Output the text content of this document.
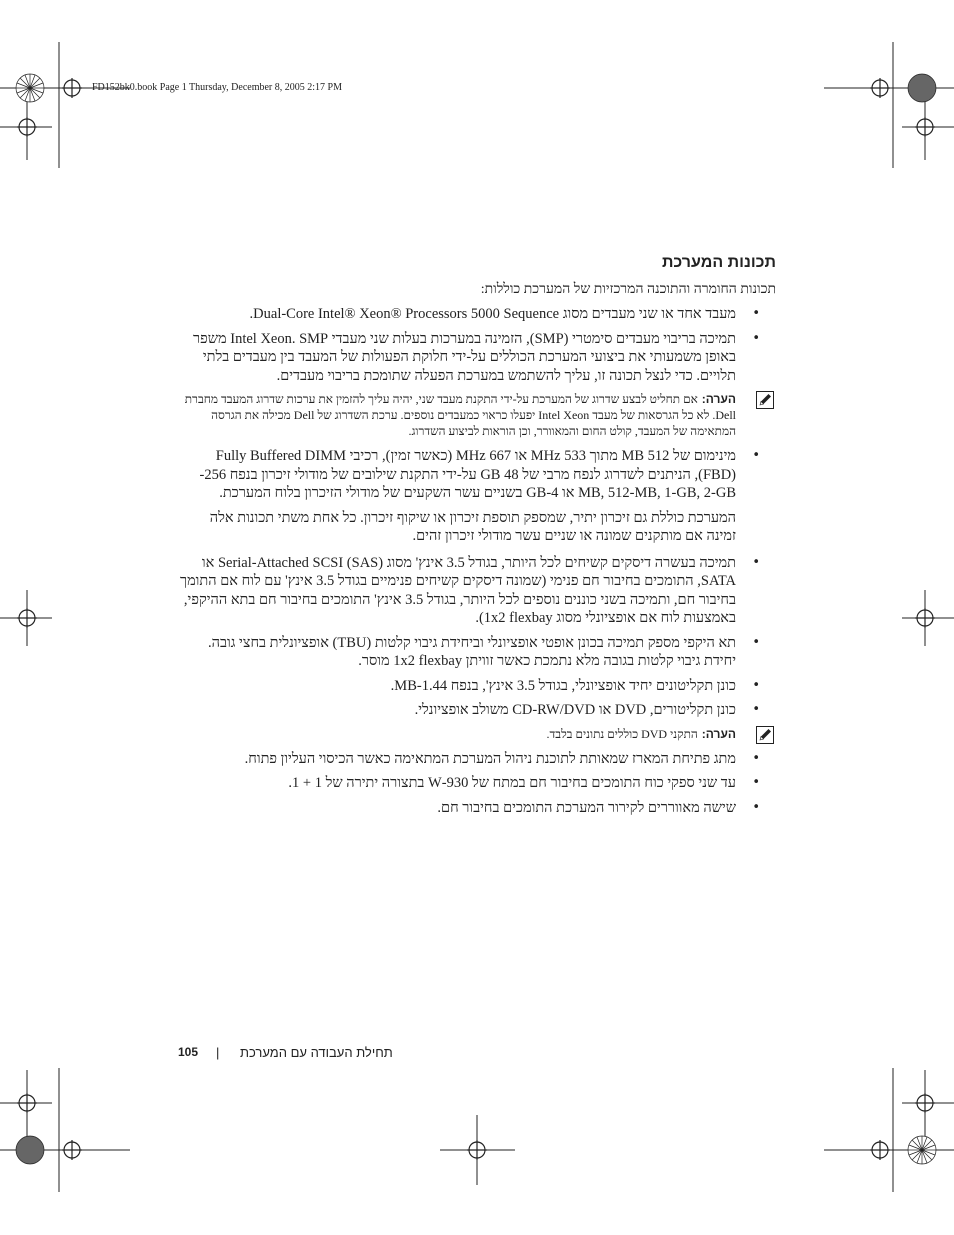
FD152bk0.book Page 1 Thursday, December 8, 2005 2:17 PM
תכונות המערכת

תכונות החומרה והתוכנה המרכזיות של המערכת כוללות:

• מעבד אחד או שני מעבדים מסוג Dual-Core Intel® Xeon® Processors 5000 Sequence.
• תמיכה בריבוי מעבדים סימטרי (SMP), הזמינה במערכות בעלות שני מעבדי Intel Xeon. SMP משפר באופן משמעותי את ביצועי המערכת הכוללים על-ידי חלוקת הפעולות של המעבד בין מעבדים בלתי תלויים. כדי לנצל תכונה זו, עליך להשתמש במערכת הפעלה שתומכת בריבוי מעבדים.
הערה:אם תחליט לבצע שדרוג של המערכת על-ידי התקנת מעבד שני, יהיה עליך להזמין את ערכות שדרוג המעבד מחברת Dell. לא כל הגרסאות של מעבד Intel Xeon יפעלו כראוי כמעבדים נוספים. ערכת השדרוג של Dell מכילה את הגרסה המתאימה של המעבד, קולט החום והמאוורר, וכן הוראות לביצוע השדרוג.
• מינימום של 512 MB מתוך 533 MHz או 667 MHz (כאשר זמין), רכיבי Fully Buffered DIMM (FBD), הניתנים לשדרוג לנפח מרבי של 48 GB על-ידי התקנת שילובים של מודולי זיכרון בנפח 256-MB, 512-MB, 1-GB, 2-GB או 4-GB בשניים עשר השקעים של מודולי הזיכרון בלוח המערכת.

המערכת כוללת גם זיכרון יתיר, שמספק תוספת זיכרון או שיקוף זיכרון. כל אחת משתי תכונות אלה זמינה אם מותקנים שמונה או שניים עשר מודולי זיכרון זהים.

• תמיכה בעשרה דיסקים קשיחים לכל היותר, בגודל 3.5 אינץ' מסוג Serial-Attached SCSI (SAS) או SATA, התומכים בחיבור חם פנימי (שמונה דיסקים קשיחים פנימיים בגודל 3.5 אינץ' עם לוח אם התומך בחיבור חם, ותמיכה בשני כוננים נוספים לכל היותר, בגודל 3.5 אינץ' התומכים בחיבור חם בתא ההיקפי, באמצעות לוח אם אופציונלי מסוג 1x2 flexbay).
• תא היקפי מספק תמיכה בכונן אופטי אופציונלי וביחידת גיבוי קלטות (TBU) אופציונלית בחצי גובה. יחידת גיבוי קלטות בגובה מלא נתמכת כאשר זוויתן 1x2 flexbay מוסר.
• כונן תקליטונים יחיד אופציונלי, בגודל 3.5 אינץ', בנפח 1.44-MB.
• כונן תקליטורים, DVD או CD-RW/DVD משולב אופציונלי.
הערה:התקני DVD כוללים נתונים בלבד.
• מתג פתיחת המארז שמאותת לתוכנת ניהול המערכת המתאימה כאשר הכיסוי העליון פתוח.
• עד שני ספקי כוח התומכים בחיבור חם במתח של 930-W בתצורה יתירה של 1 + 1.
• שישה מאווררים לקירור המערכת התומכים בחיבור חם.
105 | תחילת העבודה עם המערכת
